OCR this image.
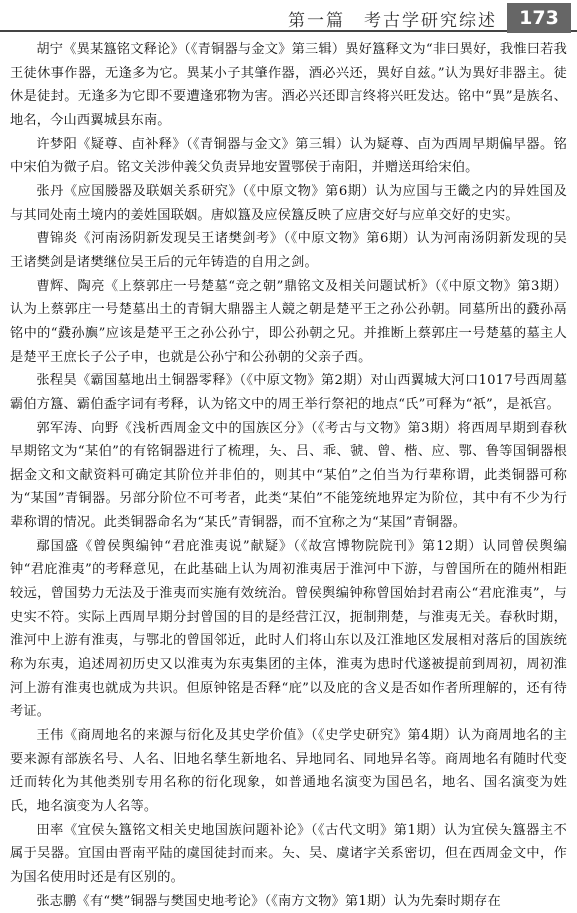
第一篇　考古学研究综述	173

胡宁《異某簋铭文释论》（《青铜器与金文》第三辑）異好簋释文为“非曰異好，我惟曰若我王徒休事作器，无逢多为它。異某小子其肇作器，酒必兴还，異好自兹。”认为異好非器主。徒休是徒封。无逢多为它即不要遭逢邪物为害。酒必兴还即言终将兴旺发达。铭中“異”是族名、地名，今山西翼城县东南。

许梦阳《疑尊、卣补释》（《青铜器与金文》第三辑）认为疑尊、卣为西周早期偏早器。铭中宋伯为微子启。铭文关涉仲義父负责异地安置鄂侯于南阳，并赠送珥给宋伯。

张丹《应国媵器及联姻关系研究》（《中原文物》第6期）认为应国与王畿之内的异姓国及与其同处南土境内的姜姓国联姻。唐姒簋及应侯簋反映了应唐交好与应单交好的史实。

曹锦炎《河南汤阴新发现吴王诸樊剑考》（《中原文物》第6期）认为河南汤阴新发现的吴王诸樊剑是诸樊继位吴王后的元年铸造的自用之剑。

曹辉、陶亮《上蔡郭庄一号楚墓“竞之朝”鼎铭文及相关问题试析》（《中原文物》第3期）认为上蔡郭庄一号楚墓出土的青铜大鼎器主人競之朝是楚平王之孙公孙朝。同墓所出的鼗孙鬲铭中的“鼗孙旟”应该是楚平王之孙公孙宁，即公孙朝之兄。并推断上蔡郭庄一号楚墓的墓主人是楚平王庶长子公子申，也就是公孙宁和公孙朝的父亲子西。

张程昊《霸国墓地出土铜器零释》（《中原文物》第2期）对山西翼城大河口1017号西周墓霸伯方簋、霸伯盉字词有考释，认为铭文中的周王举行祭祀的地点“氏”可释为“祇”，是祇宫。

郭军涛、向野《浅析西周金文中的国族区分》（《考古与文物》第3期）将西周早期到春秋早期铭文为“某伯”的有铭铜器进行了梳理，夨、吕、乖、虢、曾、楷、应、鄂、鲁等国铜器根据金文和文献资料可确定其阶位并非伯的，则其中“某伯”之伯当为行辈称谓，此类铜器可称为“某国”青铜器。另部分阶位不可考者，此类“某伯”不能笼统地界定为阶位，其中有不少为行辈称谓的情况。此类铜器命名为“某氏”青铜器，而不宜称之为“某国”青铜器。

鄢国盛《曾侯舆编钟“君庇淮夷说”献疑》（《故宫博物院院刊》第12期）认同曾侯舆编钟“君庇淮夷”的考释意见，在此基础上认为周初淮夷居于淮河中下游，与曾国所在的随州相距较远，曾国势力无法及于淮夷而实施有效统治。曾侯舆编钟称曾国始封君南公“君庇淮夷”，与史实不符。实际上西周早期分封曾国的目的是经营江汉，扼制荆楚，与淮夷无关。春秋时期，淮河中上游有淮夷，与鄂北的曾国邻近，此时人们将山东以及江淮地区发展相对落后的国族统称为东夷，追述周初历史又以淮夷为东夷集团的主体，淮夷为患时代遂被提前到周初，周初淮河上游有淮夷也就成为共识。但原钟铭是否释“庇”以及庇的含义是否如作者所理解的，还有待考证。

王伟《商周地名的来源与衍化及其史学价值》（《史学史研究》第4期）认为商周地名的主要来源有部族名号、人名、旧地名孳生新地名、异地同名、同地异名等。商周地名有随时代变迁而转化为其他类别专用名称的衍化现象，如普通地名演变为国邑名，地名、国名演变为姓氏，地名演变为人名等。

田率《宜侯夨簋铭文相关史地国族问题补论》（《古代文明》第1期）认为宜侯夨簋器主不属于吴器。宜国由晋南平陆的虞国徒封而来。夨、吴、虞诸字关系密切，但在西周金文中，作为国名使用时还是有区别的。

张志鹏《有“樊”铜器与樊国史地考论》（《南方文物》第1期）认为先秦时期存在
